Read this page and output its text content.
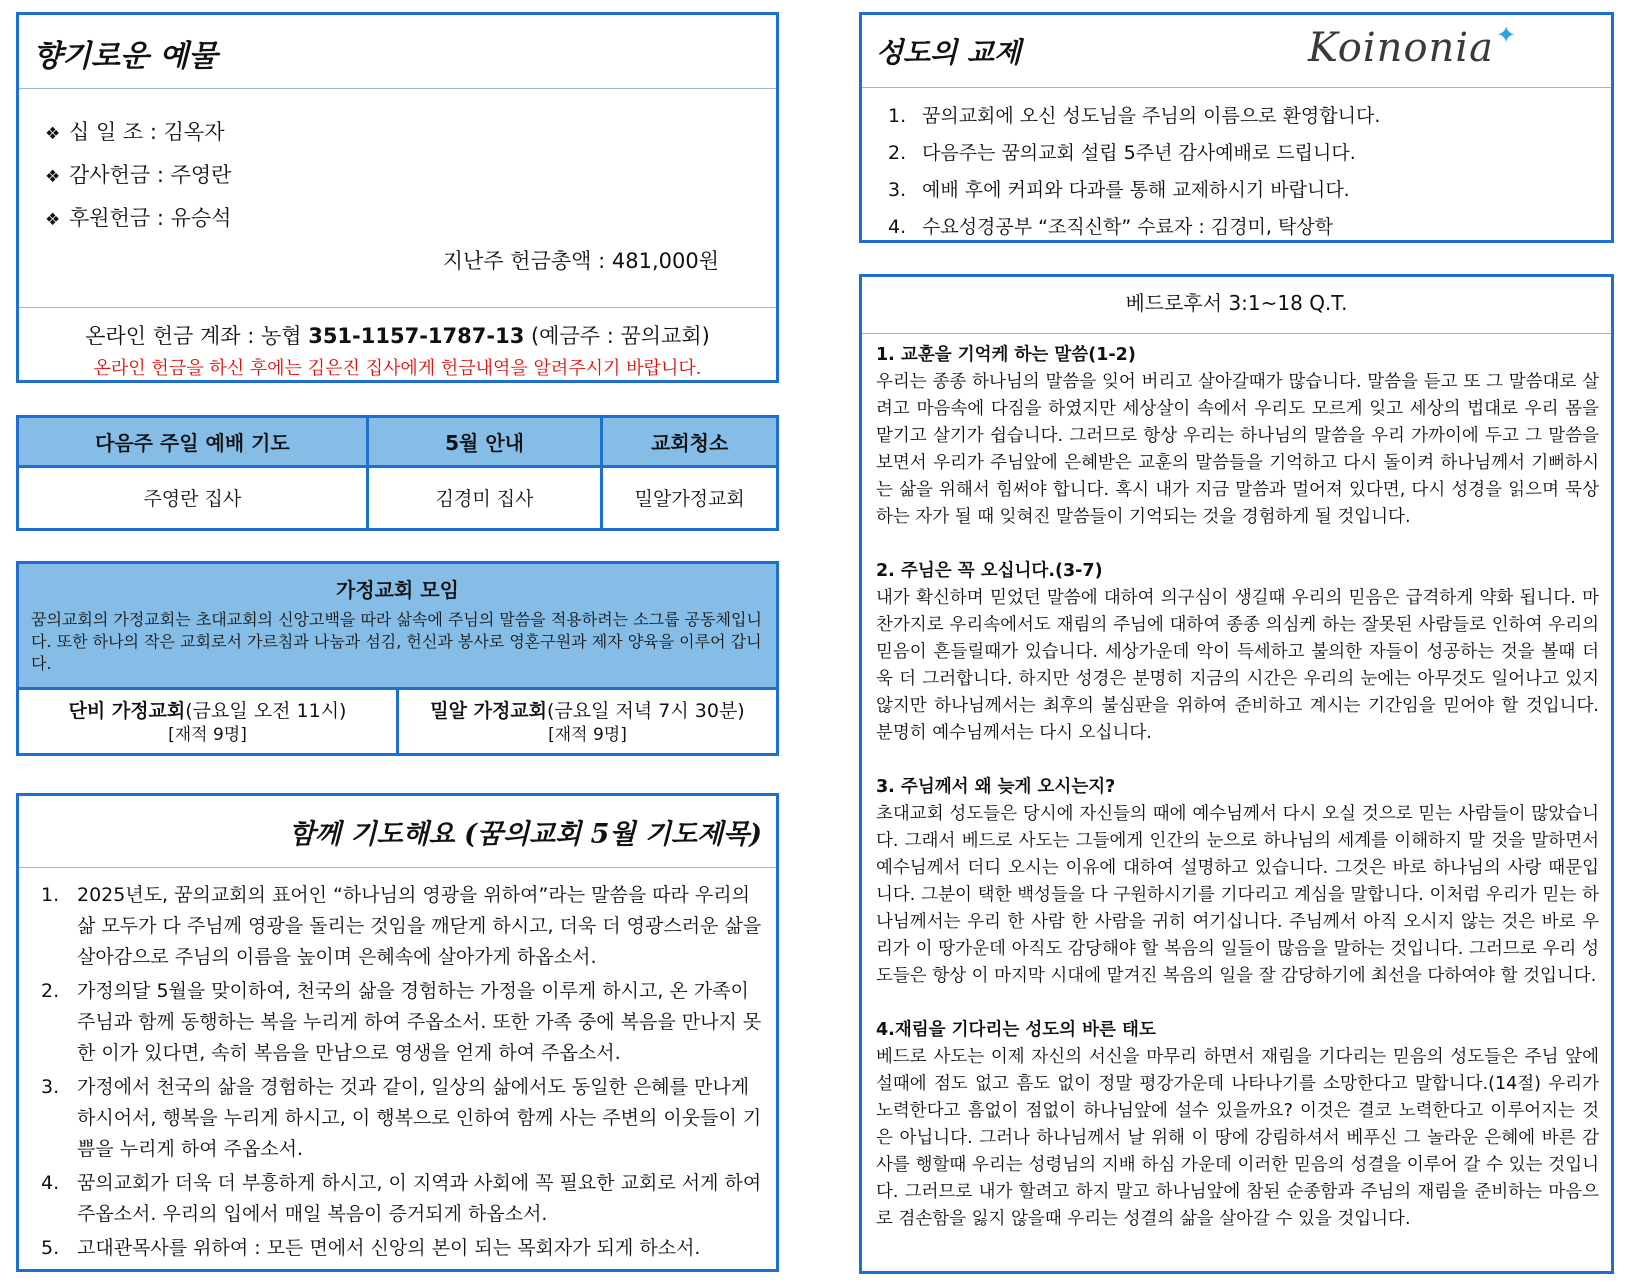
향기로운 예물
❖ 십 일 조 : 김옥자
❖ 감사헌금 : 주영란
❖ 후원헌금 : 유승석
지난주 헌금총액 : 481,000원
온라인 헌금 계좌 : 농협 351-1157-1787-13 (예금주 : 꿈의교회)
온라인 헌금을 하신 후에는 김은진 집사에게 헌금내역을 알려주시기 바랍니다.
다음주 주일 예배 기도	5월 안내	교회청소
주영란 집사	김경미 집사	밀알가정교회
가정교회 모임
꿈의교회의 가정교회는 초대교회의 신앙고백을 따라 삶속에 주님의 말씀을 적용하려는 소그룹 공동체입니다. 또한 하나의 작은 교회로서 가르침과 나눔과 섬김, 헌신과 봉사로 영혼구원과 제자 양육을 이루어 갑니다.
단비 가정교회(금요일 오전 11시)
[재적 9명]
밀알 가정교회(금요일 저녁 7시 30분)
[재적 9명]
함께 기도해요 (꿈의교회 5월 기도제목)
1. 2025년도, 꿈의교회의 표어인 “하나님의 영광을 위하여”라는 말씀을 따라 우리의 삶 모두가 다 주님께 영광을 돌리는 것임을 깨닫게 하시고, 더욱 더 영광스러운 삶을 살아감으로 주님의 이름을 높이며 은혜속에 살아가게 하옵소서.
2. 가정의달 5월을 맞이하여, 천국의 삶을 경험하는 가정을 이루게 하시고, 온 가족이 주님과 함께 동행하는 복을 누리게 하여 주옵소서. 또한 가족 중에 복음을 만나지 못한 이가 있다면, 속히 복음을 만남으로 영생을 얻게 하여 주옵소서.
3. 가정에서 천국의 삶을 경험하는 것과 같이, 일상의 삶에서도 동일한 은혜를 만나게 하시어서, 행복을 누리게 하시고, 이 행복으로 인하여 함께 사는 주변의 이웃들이 기쁨을 누리게 하여 주옵소서.
4. 꿈의교회가 더욱 더 부흥하게 하시고, 이 지역과 사회에 꼭 필요한 교회로 서게 하여 주옵소서. 우리의 입에서 매일 복음이 증거되게 하옵소서.
5. 고대관목사를 위하여 : 모든 면에서 신앙의 본이 되는 목회자가 되게 하소서.
성도의 교제	Koinonia ✦
1. 꿈의교회에 오신 성도님을 주님의 이름으로 환영합니다.
2. 다음주는 꿈의교회 설립 5주년 감사예배로 드립니다.
3. 예배 후에 커피와 다과를 통해 교제하시기 바랍니다.
4. 수요성경공부 “조직신학” 수료자 : 김경미, 탁상학
베드로후서 3:1~18 Q.T.
1. 교훈을 기억케 하는 말씀(1-2)

우리는 종종 하나님의 말씀을 잊어 버리고 살아갈때가 많습니다. 말씀을 듣고 또 그 말씀대로 살려고 마음속에 다짐을 하였지만 세상살이 속에서 우리도 모르게 잊고 세상의 법대로 우리 몸을 맡기고 살기가 쉽습니다. 그러므로 항상 우리는 하나님의 말씀을 우리 가까이에 두고 그 말씀을 보면서 우리가 주님앞에 은혜받은 교훈의 말씀들을 기억하고 다시 돌이켜 하나님께서 기뻐하시는 삶을 위해서 힘써야 합니다. 혹시 내가 지금 말씀과 멀어져 있다면, 다시 성경을 읽으며 묵상하는 자가 될 때 잊혀진 말씀들이 기억되는 것을 경험하게 될 것입니다.

2. 주님은 꼭 오십니다.(3-7)

내가 확신하며 믿었던 말씀에 대하여 의구심이 생길때 우리의 믿음은 급격하게 약화 됩니다. 마찬가지로 우리속에서도 재림의 주님에 대하여 종종 의심케 하는 잘못된 사람들로 인하여 우리의 믿음이 흔들릴때가 있습니다. 세상가운데 악이 득세하고 불의한 자들이 성공하는 것을 볼때 더욱 더 그러합니다. 하지만 성경은 분명히 지금의 시간은 우리의 눈에는 아무것도 일어나고 있지 않지만 하나님께서는 최후의 불심판을 위하여 준비하고 계시는 기간임을 믿어야 할 것입니다. 분명히 예수님께서는 다시 오십니다.

3. 주님께서 왜 늦게 오시는지?

초대교회 성도들은 당시에 자신들의 때에 예수님께서 다시 오실 것으로 믿는 사람들이 많았습니다. 그래서 베드로 사도는 그들에게 인간의 눈으로 하나님의 세계를 이해하지 말 것을 말하면서 예수님께서 더디 오시는 이유에 대하여 설명하고 있습니다. 그것은 바로 하나님의 사랑 때문입니다. 그분이 택한 백성들을 다 구원하시기를 기다리고 계심을 말합니다. 이처럼 우리가 믿는 하나님께서는 우리 한 사람 한 사람을 귀히 여기십니다. 주님께서 아직 오시지 않는 것은 바로 우리가 이 땅가운데 아직도 감당해야 할 복음의 일들이 많음을 말하는 것입니다. 그러므로 우리 성도들은 항상 이 마지막 시대에 맡겨진 복음의 일을 잘 감당하기에 최선을 다하여야 할 것입니다.

4.재림을 기다리는 성도의 바른 태도

베드로 사도는 이제 자신의 서신을 마무리 하면서 재림을 기다리는 믿음의 성도들은 주님 앞에 설때에 점도 없고 흠도 없이 정말 평강가운데 나타나기를 소망한다고 말합니다.(14절) 우리가 노력한다고 흠없이 점없이 하나님앞에 설수 있을까요? 이것은 결코 노력한다고 이루어지는 것은 아닙니다. 그러나 하나님께서 날 위해 이 땅에 강림하셔서 베푸신 그 놀라운 은혜에 바른 감사를 행할때 우리는 성령님의 지배 하심 가운데 이러한 믿음의 성결을 이루어 갈 수 있는 것입니다. 그러므로 내가 할려고 하지 말고 하나님앞에 참된 순종함과 주님의 재림을 준비하는 마음으로 겸손함을 잃지 않을때 우리는 성결의 삶을 살아갈 수 있을 것입니다.
